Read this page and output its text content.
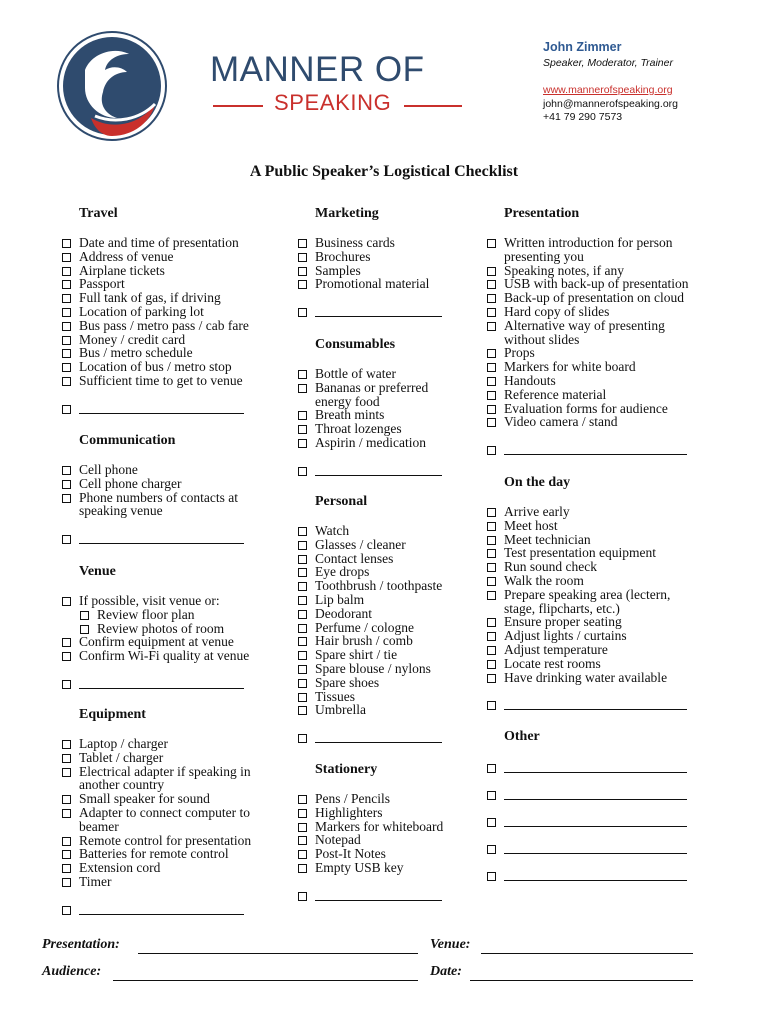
MANNER OF
SPEAKING
John Zimmer
Speaker, Moderator, Trainer
www.mannerofspeaking.org
john@mannerofspeaking.org
+41 79 290 7573
A Public Speaker’s Logistical Checklist
Travel
Date and time of presentation
Address of venue
Airplane tickets
Passport
Full tank of gas, if driving
Location of parking lot
Bus pass / metro pass / cab fare
Money / credit card
Bus / metro schedule
Location of bus / metro stop
Sufficient time to get to venue
Communication
Cell phone
Cell phone charger
Phone numbers of contacts at
speaking venue
Venue
If possible, visit venue or:
Review floor plan
Review photos of room
Confirm equipment at venue
Confirm Wi-Fi quality at venue
Equipment
Laptop / charger
Tablet / charger
Electrical adapter if speaking in
another country
Small speaker for sound
Adapter to connect computer to
beamer
Remote control for presentation
Batteries for remote control
Extension cord
Timer
Marketing
Business cards
Brochures
Samples
Promotional material
Consumables
Bottle of water
Bananas or preferred
energy food
Breath mints
Throat lozenges
Aspirin / medication
Personal
Watch
Glasses / cleaner
Contact lenses
Eye drops
Toothbrush / toothpaste
Lip balm
Deodorant
Perfume / cologne
Hair brush / comb
Spare shirt / tie
Spare blouse / nylons
Spare shoes
Tissues
Umbrella
Stationery
Pens / Pencils
Highlighters
Markers for whiteboard
Notepad
Post-It Notes
Empty USB key
Presentation
Written introduction for person
presenting you
Speaking notes, if any
USB with back-up of presentation
Back-up of presentation on cloud
Hard copy of slides
Alternative way of presenting
without slides
Props
Markers for white board
Handouts
Reference material
Evaluation forms for audience
Video camera / stand
On the day
Arrive early
Meet host
Meet technician
Test presentation equipment
Run sound check
Walk the room
Prepare speaking area (lectern,
stage, flipcharts, etc.)
Ensure proper seating
Adjust lights / curtains
Adjust temperature
Locate rest rooms
Have drinking water available
Other
Presentation:	Venue:
Audience:	Date:
